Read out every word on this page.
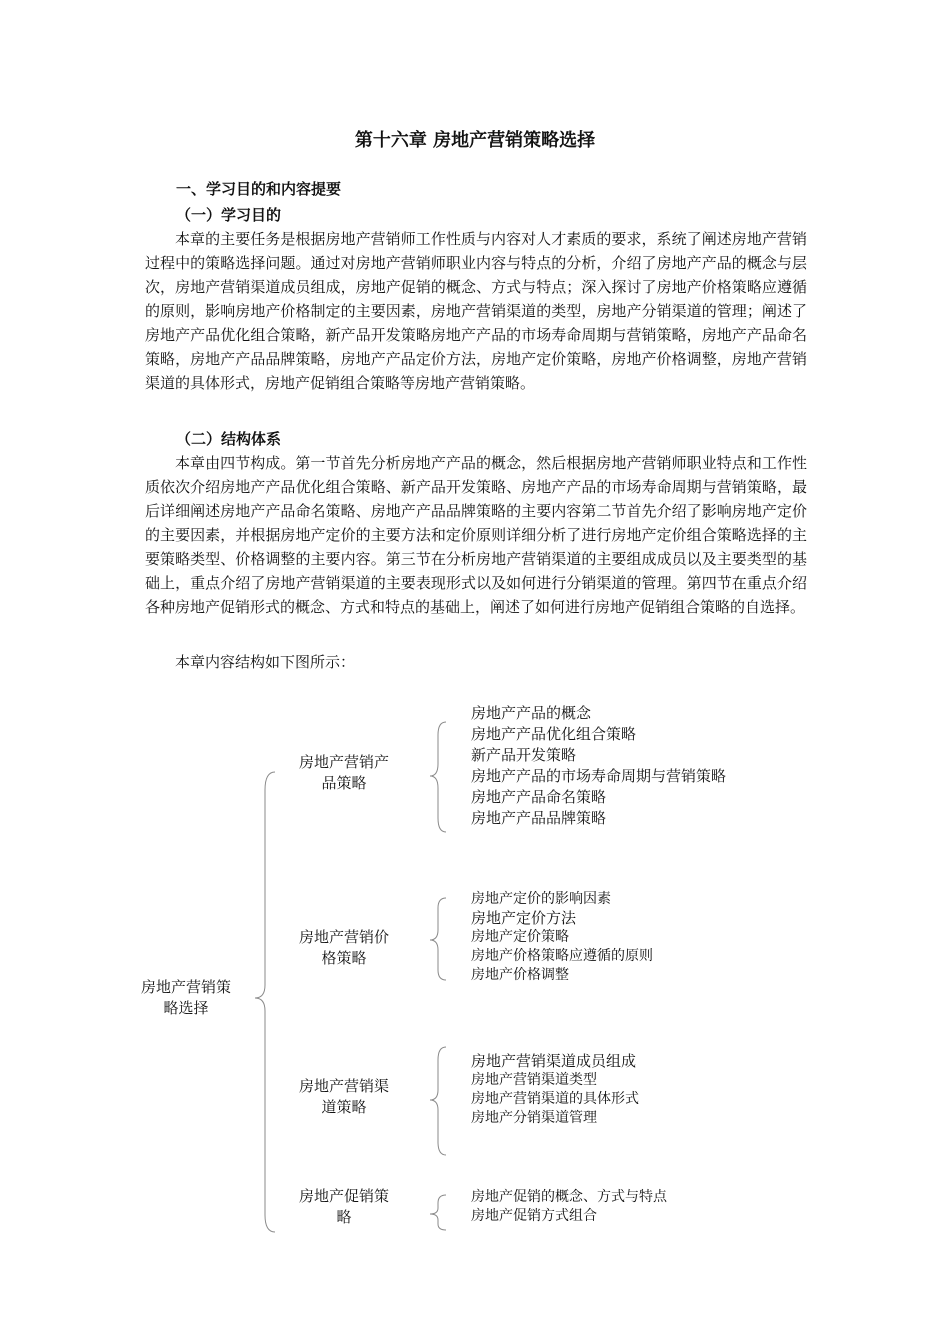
第十六章 房地产营销策略选择
一、学习目的和内容提要
（一）学习目的

本章的主要任务是根据房地产营销师工作性质与内容对人才素质的要求，系统了阐述房地产营销过程中的策略选择问题。通过对房地产营销师职业内容与特点的分析，介绍了房地产产品的概念与层次，房地产营销渠道成员组成，房地产促销的概念、方式与特点；深入探讨了房地产价格策略应遵循的原则，影响房地产价格制定的主要因素，房地产营销渠道的类型，房地产分销渠道的管理；阐述了房地产产品优化组合策略，新产品开发策略房地产产品的市场寿命周期与营销策略，房地产产品命名策略，房地产产品品牌策略，房地产产品定价方法，房地产定价策略，房地产价格调整，房地产营销渠道的具体形式，房地产促销组合策略等房地产营销策略。

（二）结构体系

本章由四节构成。第一节首先分析房地产产品的概念，然后根据房地产营销师职业特点和工作性质依次介绍房地产产品优化组合策略、新产品开发策略、房地产产品的市场寿命周期与营销策略，最后详细阐述房地产产品命名策略、房地产产品品牌策略的主要内容第二节首先介绍了影响房地产定价的主要因素，并根据房地产定价的主要方法和定价原则详细分析了进行房地产定价组合策略选择的主要策略类型、价格调整的主要内容。第三节在分析房地产营销渠道的主要组成成员以及主要类型的基础上，重点介绍了房地产营销渠道的主要表现形式以及如何进行分销渠道的管理。第四节在重点介绍各种房地产促销形式的概念、方式和特点的基础上，阐述了如何进行房地产促销组合策略的自选择。

本章内容结构如下图所示：

房地产营销策略选择
房地产营销产品策略
房地产营销价格策略
房地产营销渠道策略
房地产促销策略
房地产产品的概念
房地产产品优化组合策略
新产品开发策略
房地产产品的市场寿命周期与营销策略
房地产产品命名策略
房地产产品品牌策略
房地产定价的影响因素
房地产定价方法
房地产定价策略
房地产价格策略应遵循的原则
房地产价格调整
房地产营销渠道成员组成
房地产营销渠道类型
房地产营销渠道的具体形式
房地产分销渠道管理
房地产促销的概念、方式与特点
房地产促销方式组合
